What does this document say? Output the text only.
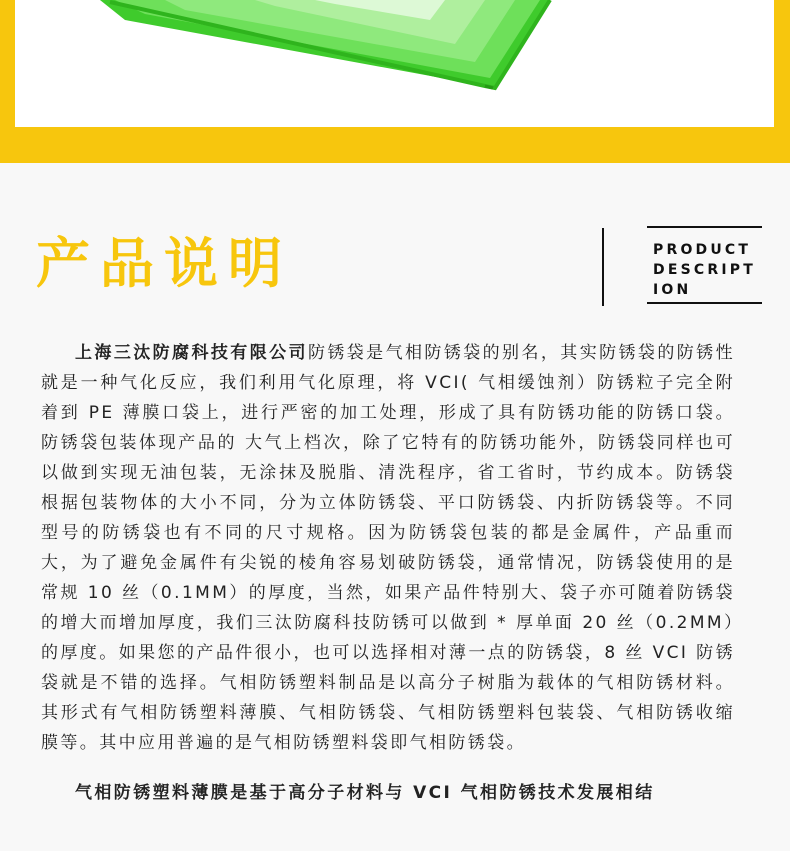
产品说明	PRODUCT DESCRIPTION

上海三汰防腐科技有限公司防锈袋是气相防锈袋的别名，其实防锈袋的防锈性就是一种气化反应，我们利用气化原理，将 VCI( 气相缓蚀剂）防锈粒子完全附着到 PE 薄膜口袋上，进行严密的加工处理，形成了具有防锈功能的防锈口袋。防锈袋包装体现产品的 大气上档次，除了它特有的防锈功能外，防锈袋同样也可以做到实现无油包装，无涂抹及脱脂、清洗程序，省工省时，节约成本。防锈袋根据包装物体的大小不同，分为立体防锈袋、平口防锈袋、内折防锈袋等。不同型号的防锈袋也有不同的尺寸规格。因为防锈袋包装的都是金属件，产品重而大，为了避免金属件有尖锐的棱角容易划破防锈袋，通常情况，防锈袋使用的是常规 10 丝（0.1MM）的厚度，当然，如果产品件特别大、袋子亦可随着防锈袋的增大而增加厚度，我们三汰防腐科技防锈可以做到 * 厚单面 20 丝（0.2MM）的厚度。如果您的产品件很小，也可以选择相对薄一点的防锈袋，8 丝 VCI 防锈袋就是不错的选择。气相防锈塑料制品是以高分子树脂为载体的气相防锈材料。其形式有气相防锈塑料薄膜、气相防锈袋、气相防锈塑料包装袋、气相防锈收缩膜等。其中应用普遍的是气相防锈塑料袋即气相防锈袋。

气相防锈塑料薄膜是基于高分子材料与 VCI 气相防锈技术发展相结
